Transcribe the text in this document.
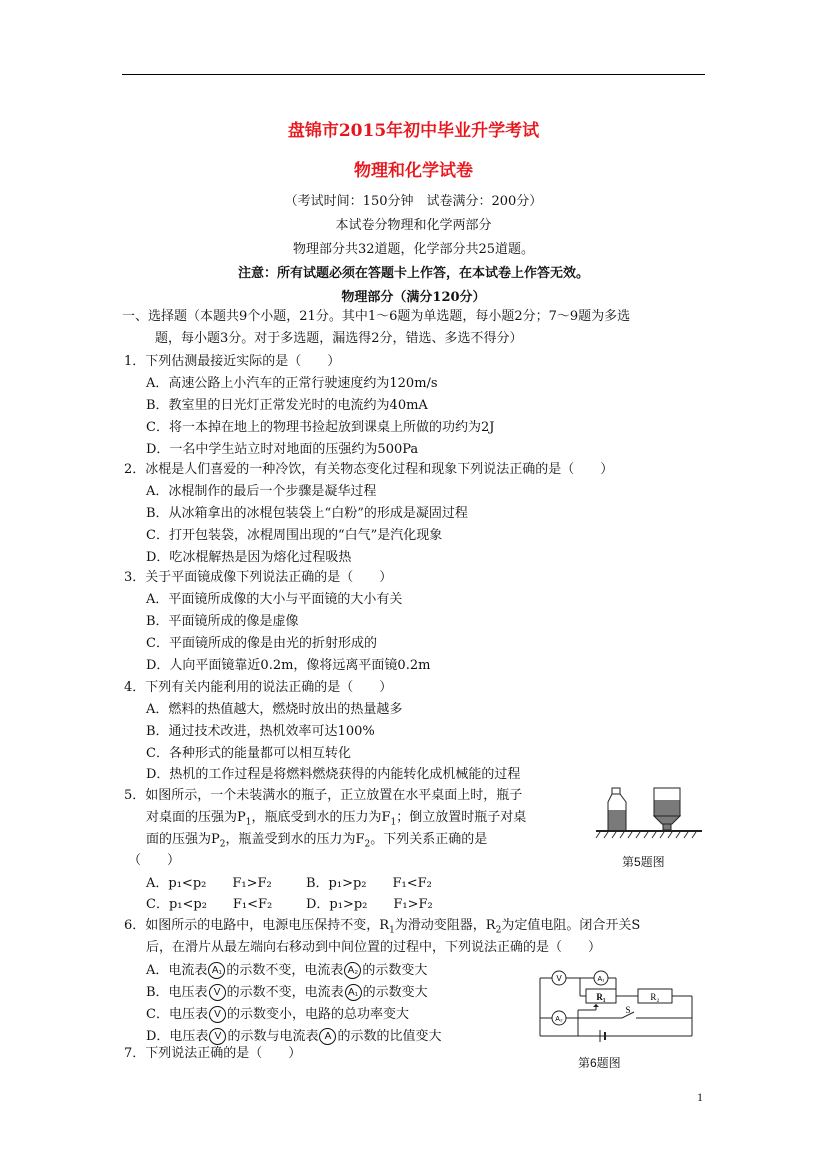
盘锦市2015年初中毕业升学考试
物理和化学试卷
（考试时间：150分钟　试卷满分：200分）
本试卷分物理和化学两部分
物理部分共32道题，化学部分共25道题。
注意：所有试题必须在答题卡上作答，在本试卷上作答无效。
物理部分（满分120分）
一、选择题（本题共9个小题，21分。其中1～6题为单选题，每小题2分；7～9题为多选
题，每小题3分。对于多选题，漏选得2分，错选、多选不得分）
1．下列估测最接近实际的是（　　）
A．高速公路上小汽车的正常行驶速度约为120m/s
B．教室里的日光灯正常发光时的电流约为40mA
C．将一本掉在地上的物理书捡起放到课桌上所做的功约为2J
D．一名中学生站立时对地面的压强约为500Pa
2．冰棍是人们喜爱的一种冷饮，有关物态变化过程和现象下列说法正确的是（　　）
A．冰棍制作的最后一个步骤是凝华过程
B．从冰箱拿出的冰棍包装袋上“白粉”的形成是凝固过程
C．打开包装袋，冰棍周围出现的“白气”是汽化现象
D．吃冰棍解热是因为熔化过程吸热
3．关于平面镜成像下列说法正确的是（　　）
A．平面镜所成像的大小与平面镜的大小有关
B．平面镜所成的像是虚像
C．平面镜所成的像是由光的折射形成的
D．人向平面镜靠近0.2m，像将远离平面镜0.2m
4．下列有关内能利用的说法正确的是（　　）
A．燃料的热值越大，燃烧时放出的热量越多
B．通过技术改进，热机效率可达100%
C．各种形式的能量都可以相互转化
D．热机的工作过程是将燃料燃烧获得的内能转化成机械能的过程
5．如图所示，一个未装满水的瓶子，正立放置在水平桌面上时，瓶子
对桌面的压强为$P_1$，瓶底受到水的压力为$F_1$；倒立放置时瓶子对桌
面的压强为$P_2$，瓶盖受到水的压力为$F_2$。下列关系正确的是
（　　）
A．p₁<p₂　　F₁>F₂	B．p₁>p₂　　F₁<F₂
C．p₁<p₂　　F₁<F₂	D．p₁>p₂　　F₁>F₂
第5题图
6．如图所示的电路中，电源电压保持不变，$R_1$为滑动变阻器，$R_2$为定值电阻。闭合开关S
后，在滑片从最左端向右移动到中间位置的过程中，下列说法正确的是（　　）
A．电流表 A₁ 的示数不变，电流表 A₂ 的示数变大
B．电压表 V 的示数不变，电流表 A₁ 的示数变大
C．电压表 V 的示数变小，电路的总功率变大
D．电压表 V 的示数与电流表 A 的示数的比值变大
V	A₁
A₂
R₁	R₂
S
第6题图
7．下列说法正确的是（　　）
1
